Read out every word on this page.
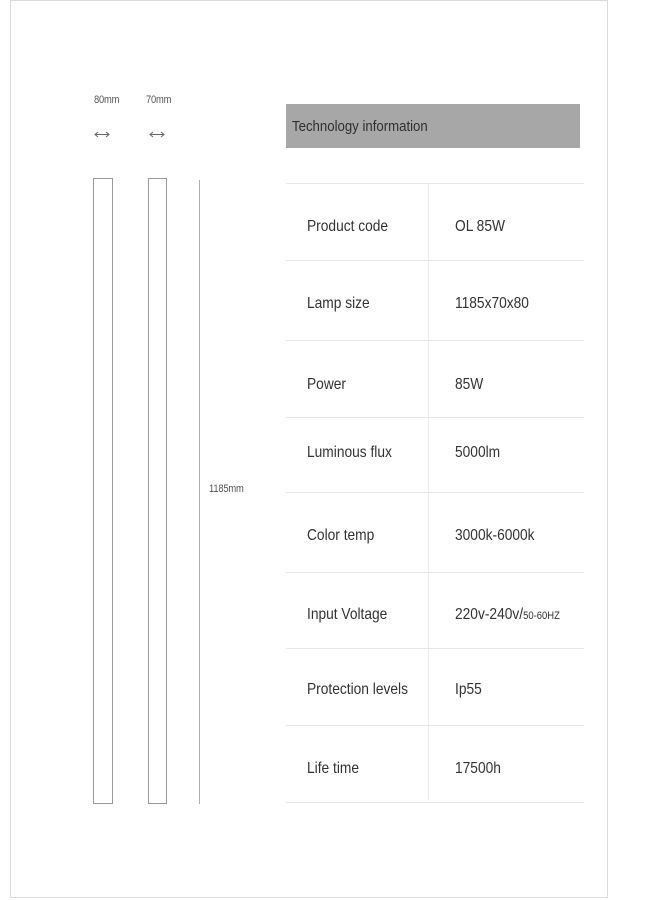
80mm 70mm
1185mm
Technology information
Product code	OL 85W
Lamp size	1185x70x80
Power	85W
Luminous flux	5000lm
Color temp	3000k-6000k
Input Voltage	220v-240v/50-60HZ
Protection levels	Ip55
Life time	17500h
